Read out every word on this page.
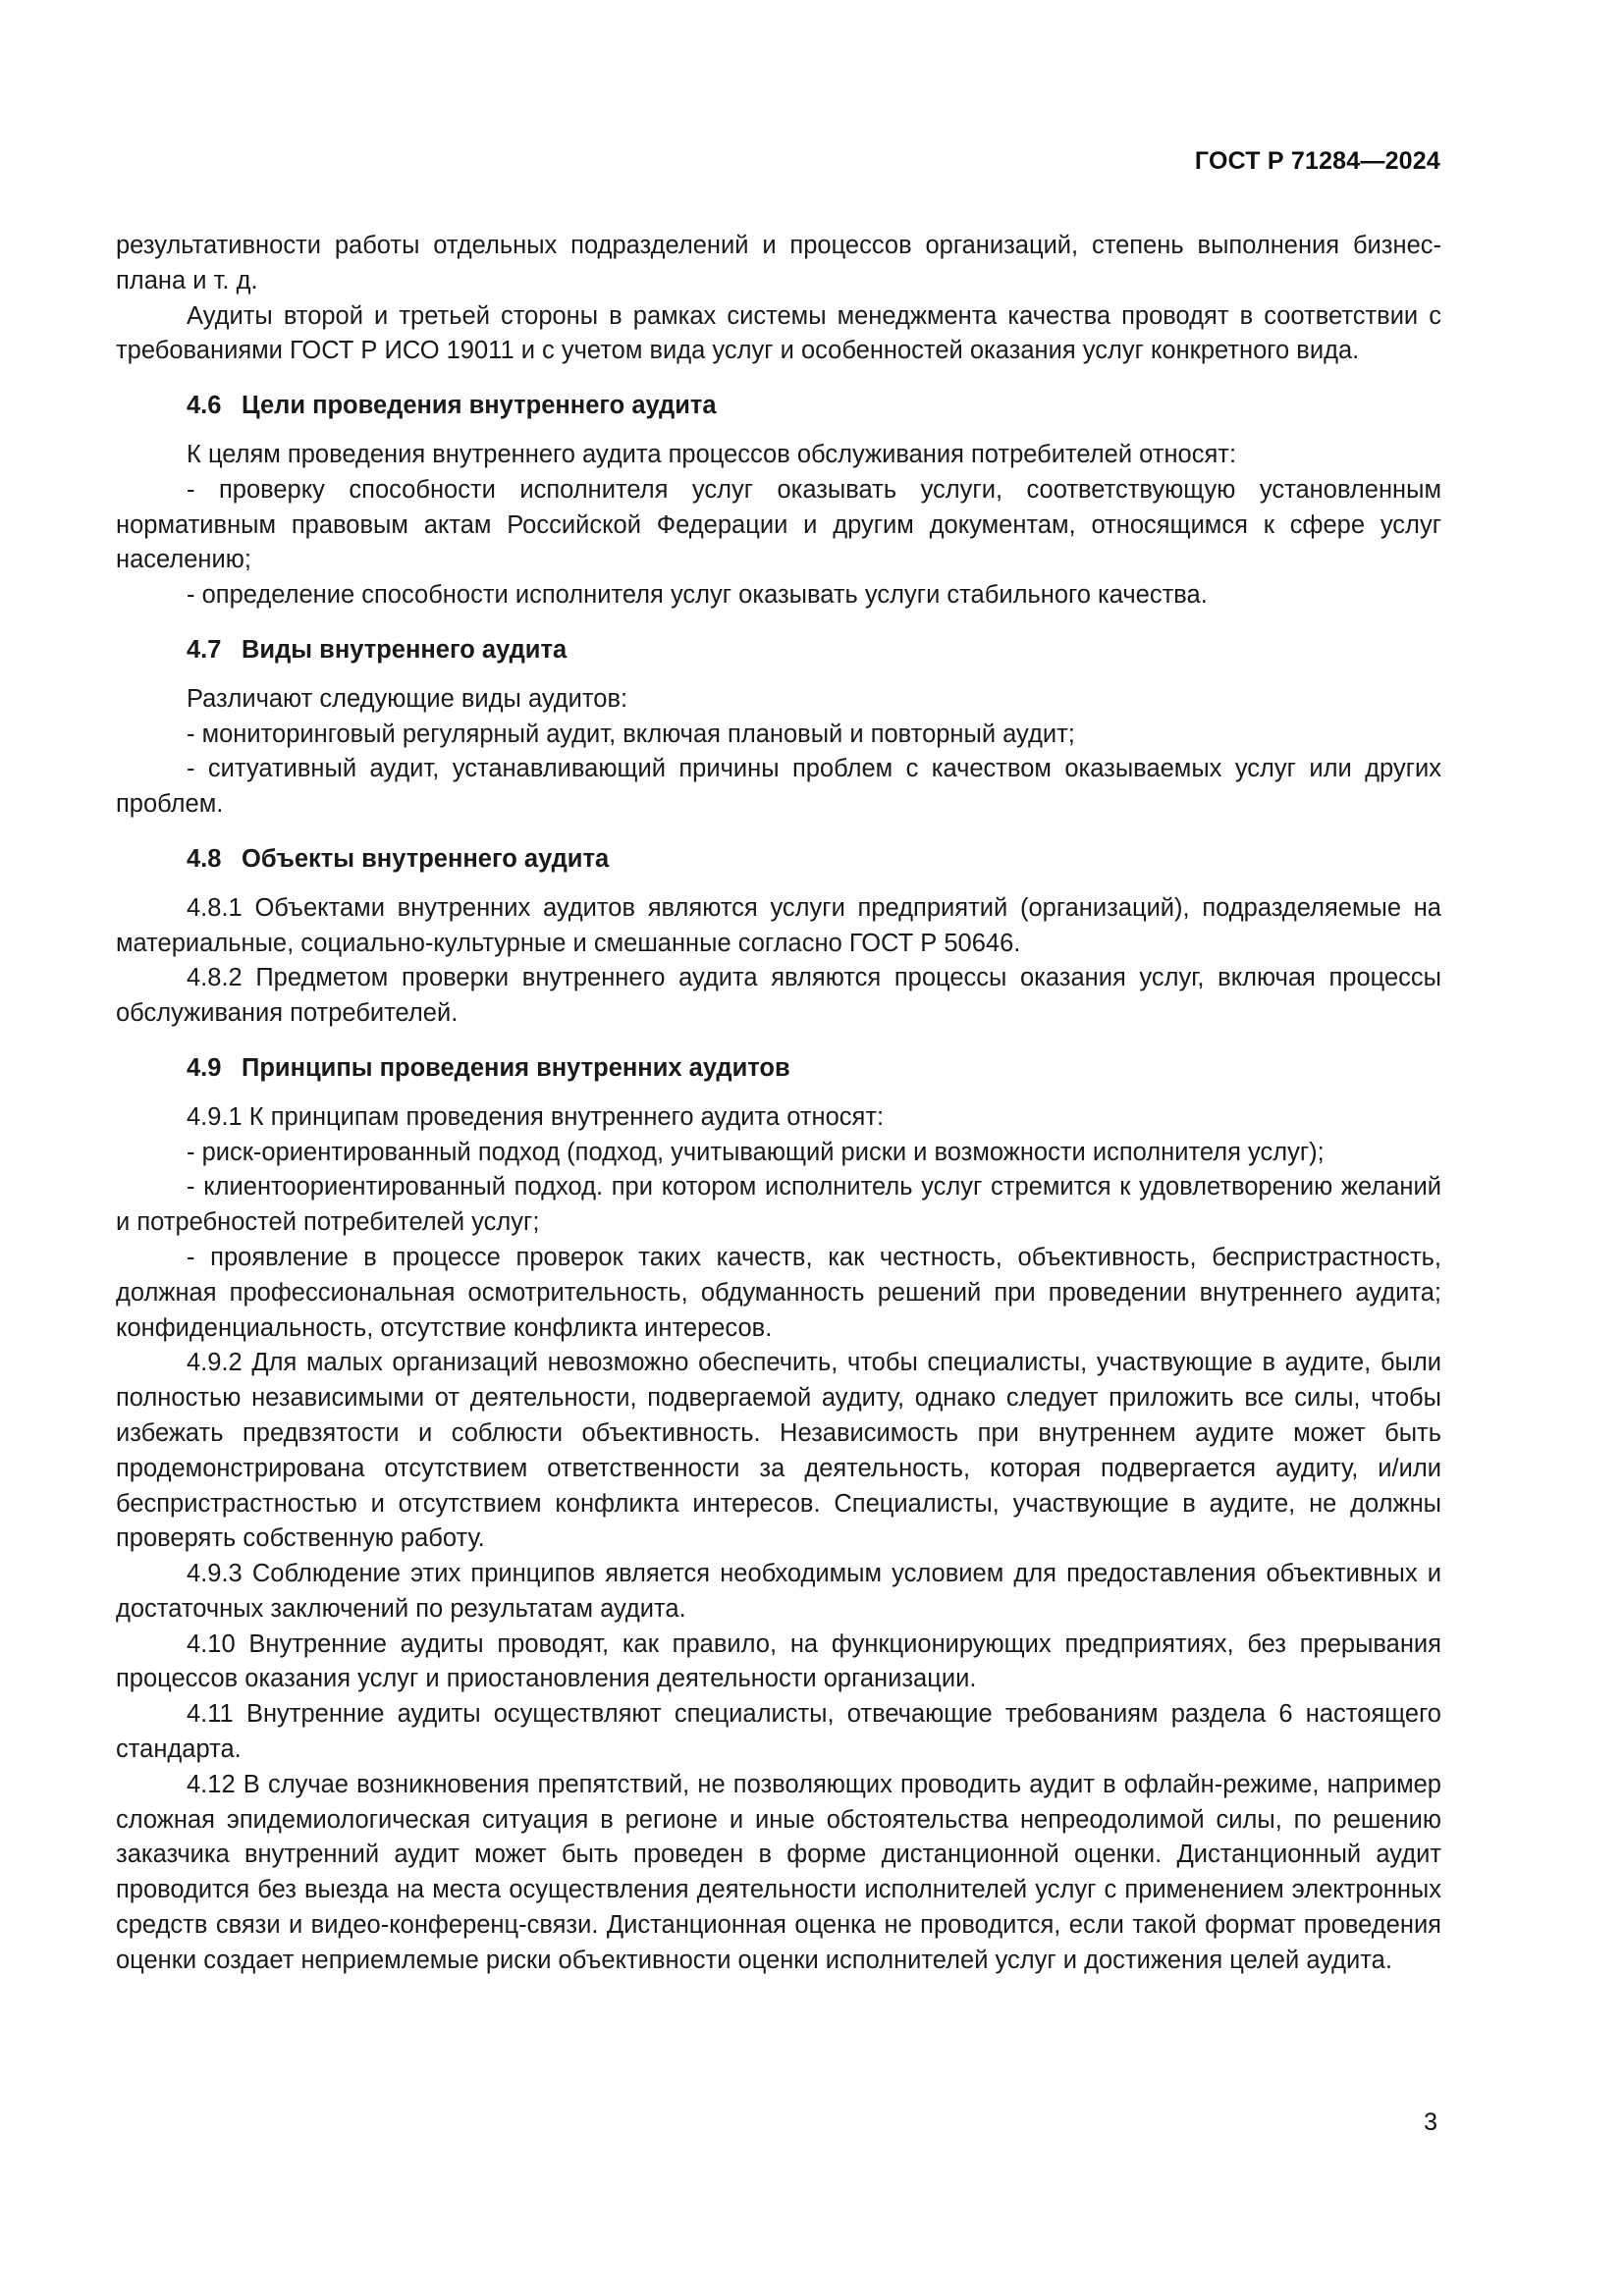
ГОСТ Р 71284—2024

результативности работы отдельных подразделений и процессов организаций, степень выполнения бизнес-плана и т. д.

Аудиты второй и третьей стороны в рамках системы менеджмента качества проводят в соответствии с требованиями ГОСТ Р ИСО 19011 и с учетом вида услуг и особенностей оказания услуг конкретного вида.

4.6 Цели проведения внутреннего аудита

К целям проведения внутреннего аудита процессов обслуживания потребителей относят:

- проверку способности исполнителя услуг оказывать услуги, соответствующую установленным нормативным правовым актам Российской Федерации и другим документам, относящимся к сфере услуг населению;

- определение способности исполнителя услуг оказывать услуги стабильного качества.

4.7 Виды внутреннего аудита

Различают следующие виды аудитов:

- мониторинговый регулярный аудит, включая плановый и повторный аудит;

- ситуативный аудит, устанавливающий причины проблем с качеством оказываемых услуг или других проблем.

4.8 Объекты внутреннего аудита

4.8.1 Объектами внутренних аудитов являются услуги предприятий (организаций), подразделяемые на материальные, социально-культурные и смешанные согласно ГОСТ Р 50646.

4.8.2 Предметом проверки внутреннего аудита являются процессы оказания услуг, включая процессы обслуживания потребителей.

4.9 Принципы проведения внутренних аудитов

4.9.1 К принципам проведения внутреннего аудита относят:

- риск-ориентированный подход (подход, учитывающий риски и возможности исполнителя услуг);

- клиентоориентированный подход. при котором исполнитель услуг стремится к удовлетворению желаний и потребностей потребителей услуг;

- проявление в процессе проверок таких качеств, как честность, объективность, беспристрастность, должная профессиональная осмотрительность, обдуманность решений при проведении внутреннего аудита; конфиденциальность, отсутствие конфликта интересов.

4.9.2 Для малых организаций невозможно обеспечить, чтобы специалисты, участвующие в аудите, были полностью независимыми от деятельности, подвергаемой аудиту, однако следует приложить все силы, чтобы избежать предвзятости и соблюсти объективность. Независимость при внутреннем аудите может быть продемонстрирована отсутствием ответственности за деятельность, которая подвергается аудиту, и/или беспристрастностью и отсутствием конфликта интересов. Специалисты, участвующие в аудите, не должны проверять собственную работу.

4.9.3 Соблюдение этих принципов является необходимым условием для предоставления объективных и достаточных заключений по результатам аудита.

4.10 Внутренние аудиты проводят, как правило, на функционирующих предприятиях, без прерывания процессов оказания услуг и приостановления деятельности организации.

4.11 Внутренние аудиты осуществляют специалисты, отвечающие требованиям раздела 6 настоящего стандарта.

4.12 В случае возникновения препятствий, не позволяющих проводить аудит в офлайн-режиме, например сложная эпидемиологическая ситуация в регионе и иные обстоятельства непреодолимой силы, по решению заказчика внутренний аудит может быть проведен в форме дистанционной оценки. Дистанционный аудит проводится без выезда на места осуществления деятельности исполнителей услуг с применением электронных средств связи и видео-конференц-связи. Дистанционная оценка не проводится, если такой формат проведения оценки создает неприемлемые риски объективности оценки исполнителей услуг и достижения целей аудита.

3
